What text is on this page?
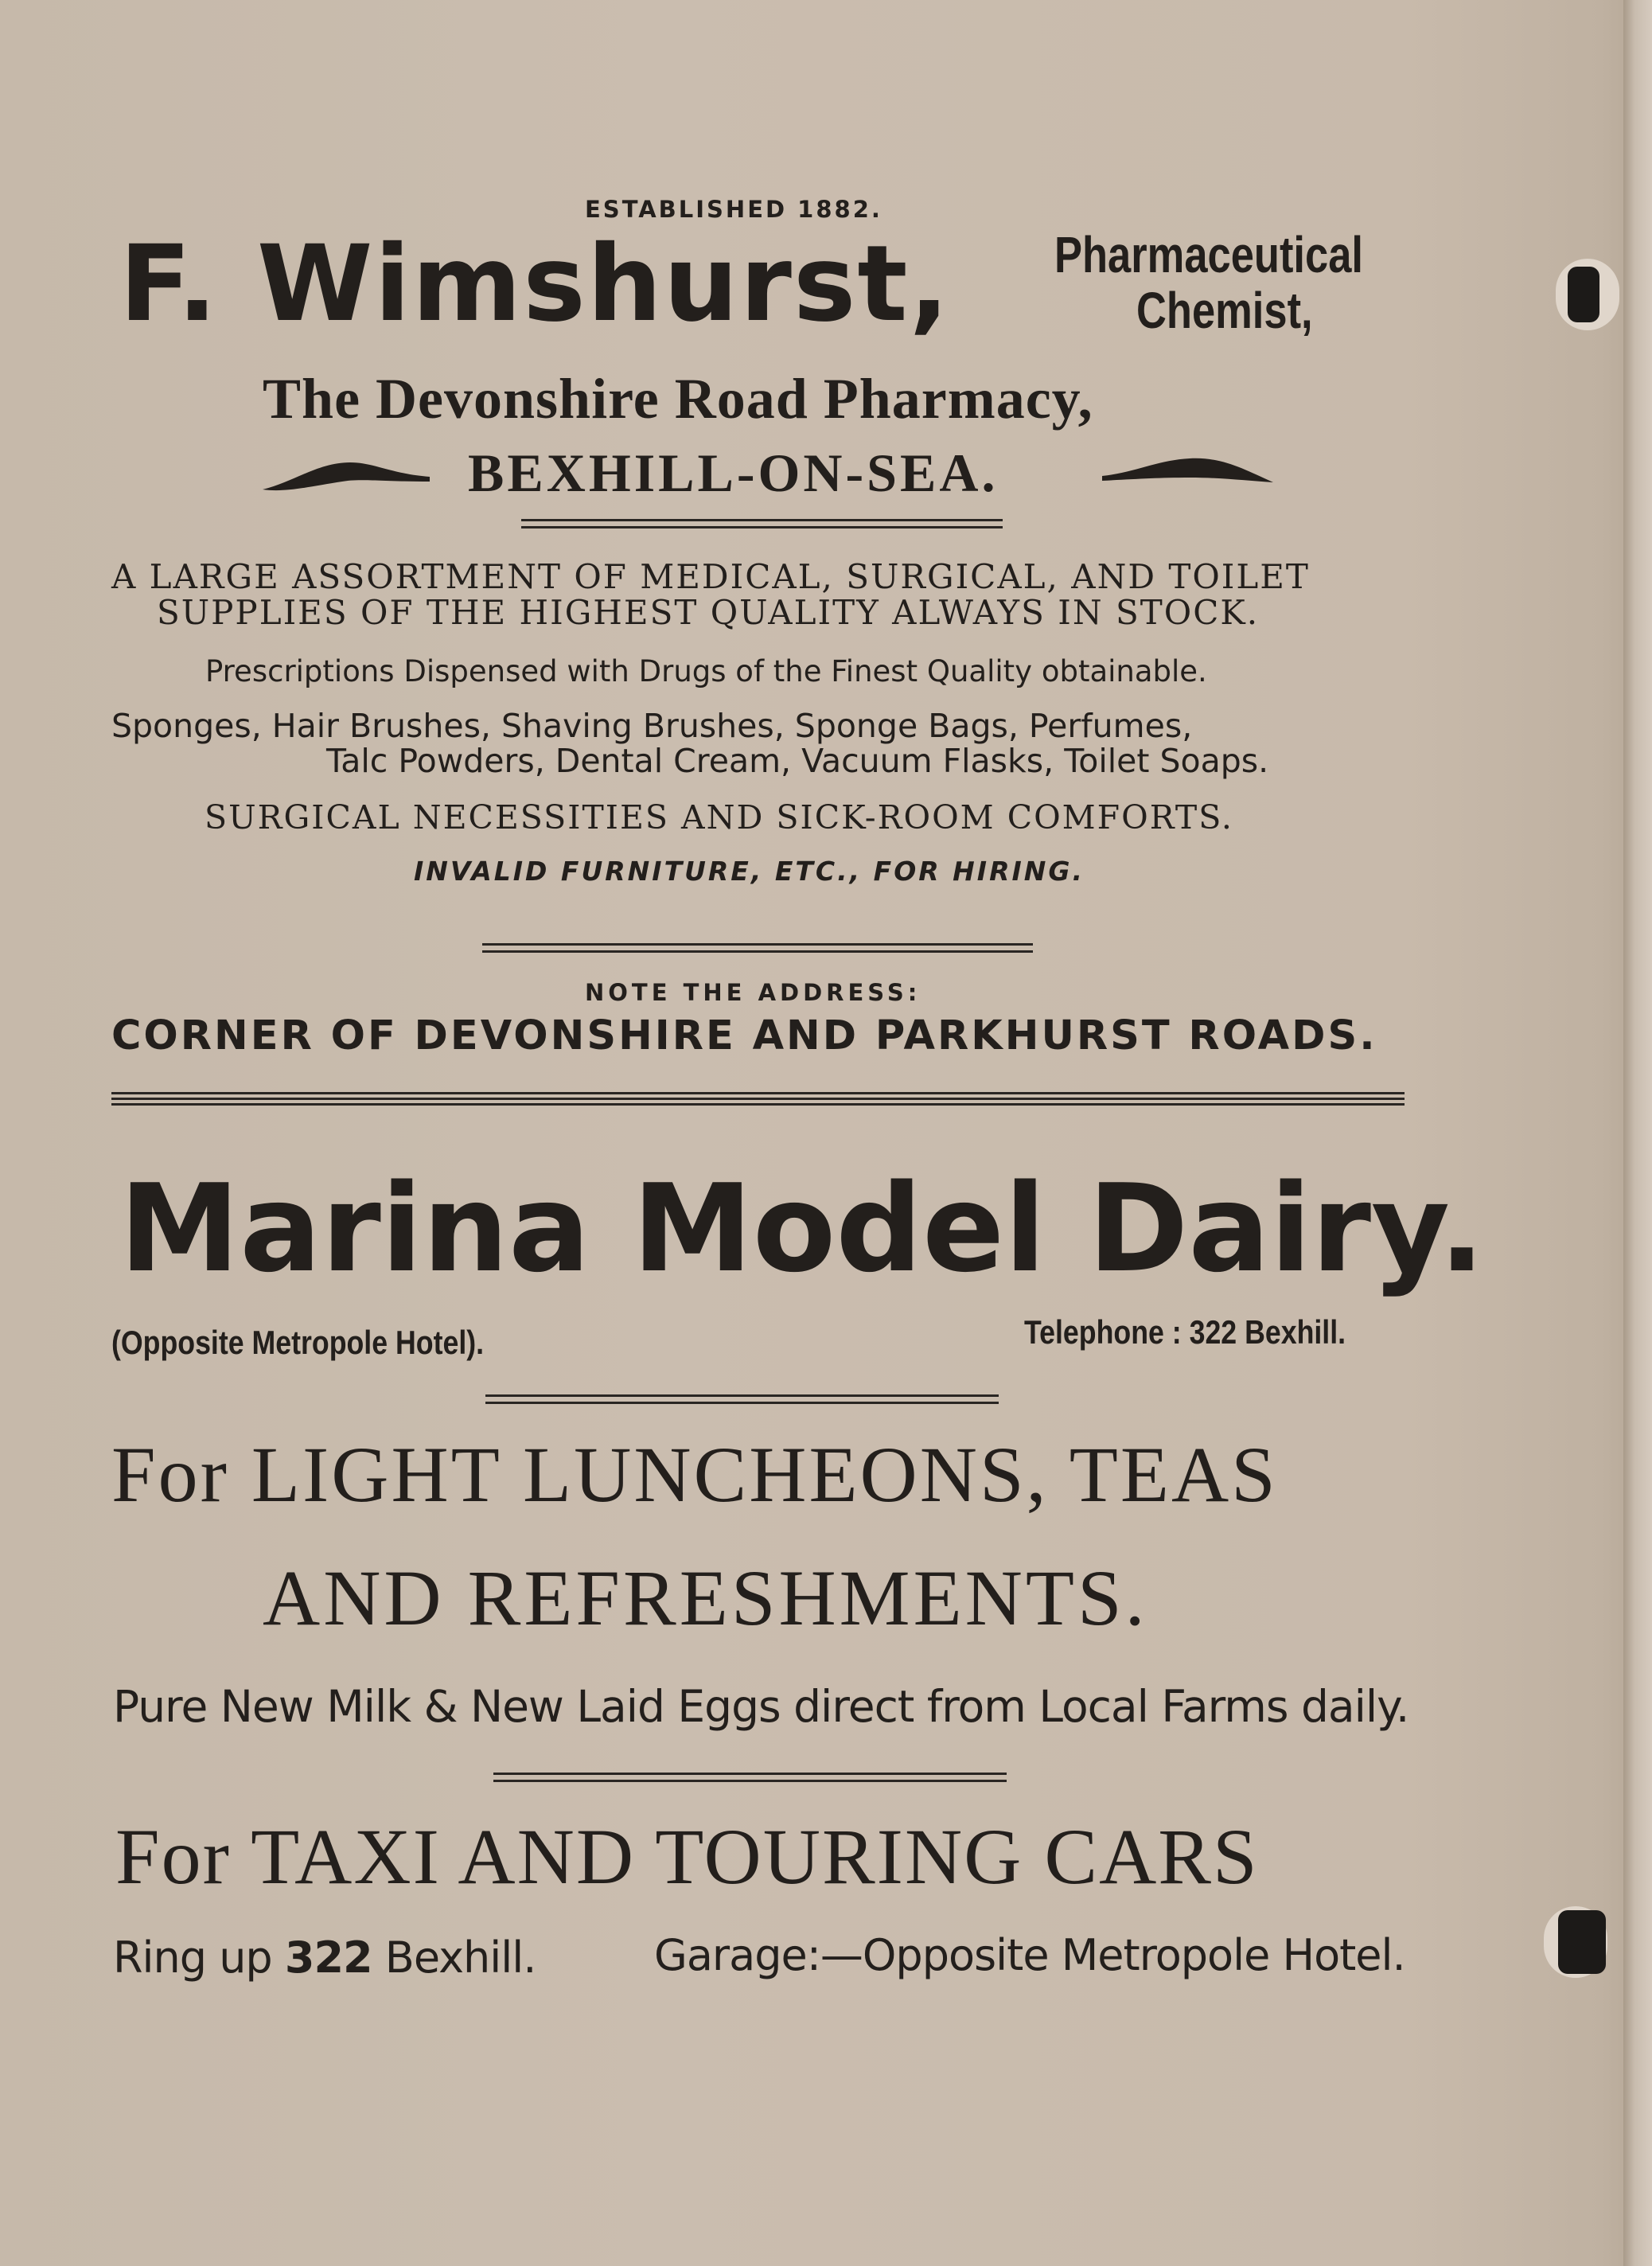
ESTABLISHED 1882.
F. Wimshurst, Pharmaceutical
Chemist,
The Devonshire Road Pharmacy,
BEXHILL-ON-SEA.
A LARGE ASSORTMENT OF MEDICAL, SURGICAL, AND TOILET
SUPPLIES OF THE HIGHEST QUALITY ALWAYS IN STOCK.
Prescriptions Dispensed with Drugs of the Finest Quality obtainable.
Sponges, Hair Brushes, Shaving Brushes, Sponge Bags, Perfumes,
Talc Powders, Dental Cream, Vacuum Flasks, Toilet Soaps.
SURGICAL NECESSITIES AND SICK-ROOM COMFORTS.
INVALID FURNITURE, ETC., FOR HIRING.
NOTE THE ADDRESS:
CORNER OF DEVONSHIRE AND PARKHURST ROADS.
Marina Model Dairy.
(Opposite Metropole Hotel).	Telephone : 322 Bexhill.
For LIGHT LUNCHEONS, TEAS
AND REFRESHMENTS.
Pure New Milk & New Laid Eggs direct from Local Farms daily.
For TAXI AND TOURING CARS
Ring up 322 Bexhill.	Garage:—Opposite Metropole Hotel.
